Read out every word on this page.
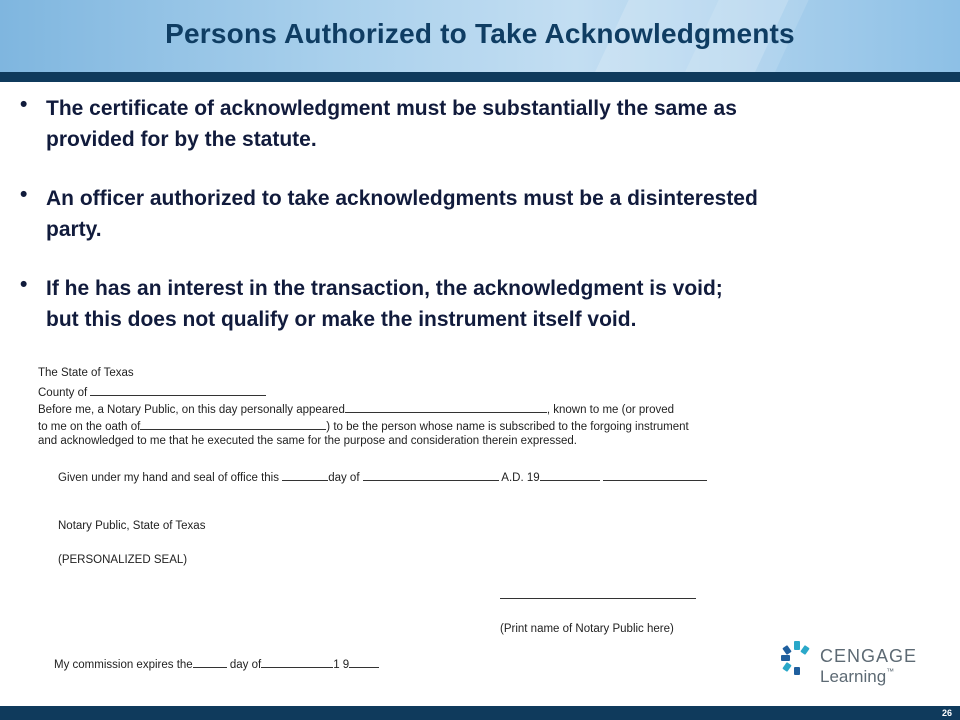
Persons Authorized to Take Acknowledgments
• The certificate of acknowledgment must be substantially the same as
provided for by the statute.
• An officer authorized to take acknowledgments must be a disinterested
party.
• If he has an interest in the transaction, the acknowledgment is void;
but this does not qualify or make the instrument itself void.
The State of Texas
County of
Before me, a Notary Public, on this day personally appeared	, known to me (or proved
to me on the oath of	) to be the person whose name is subscribed to the forgoing instrument
and acknowledged to me that he executed the same for the purpose and consideration therein expressed.
Given under my hand and seal of office this	day of	A.D. 19
Notary Public, State of Texas
(PERSONALIZED SEAL)
(Print name of Notary Public here)
My commission expires the	day of	1 9	CENGAGE
Learning™
26
